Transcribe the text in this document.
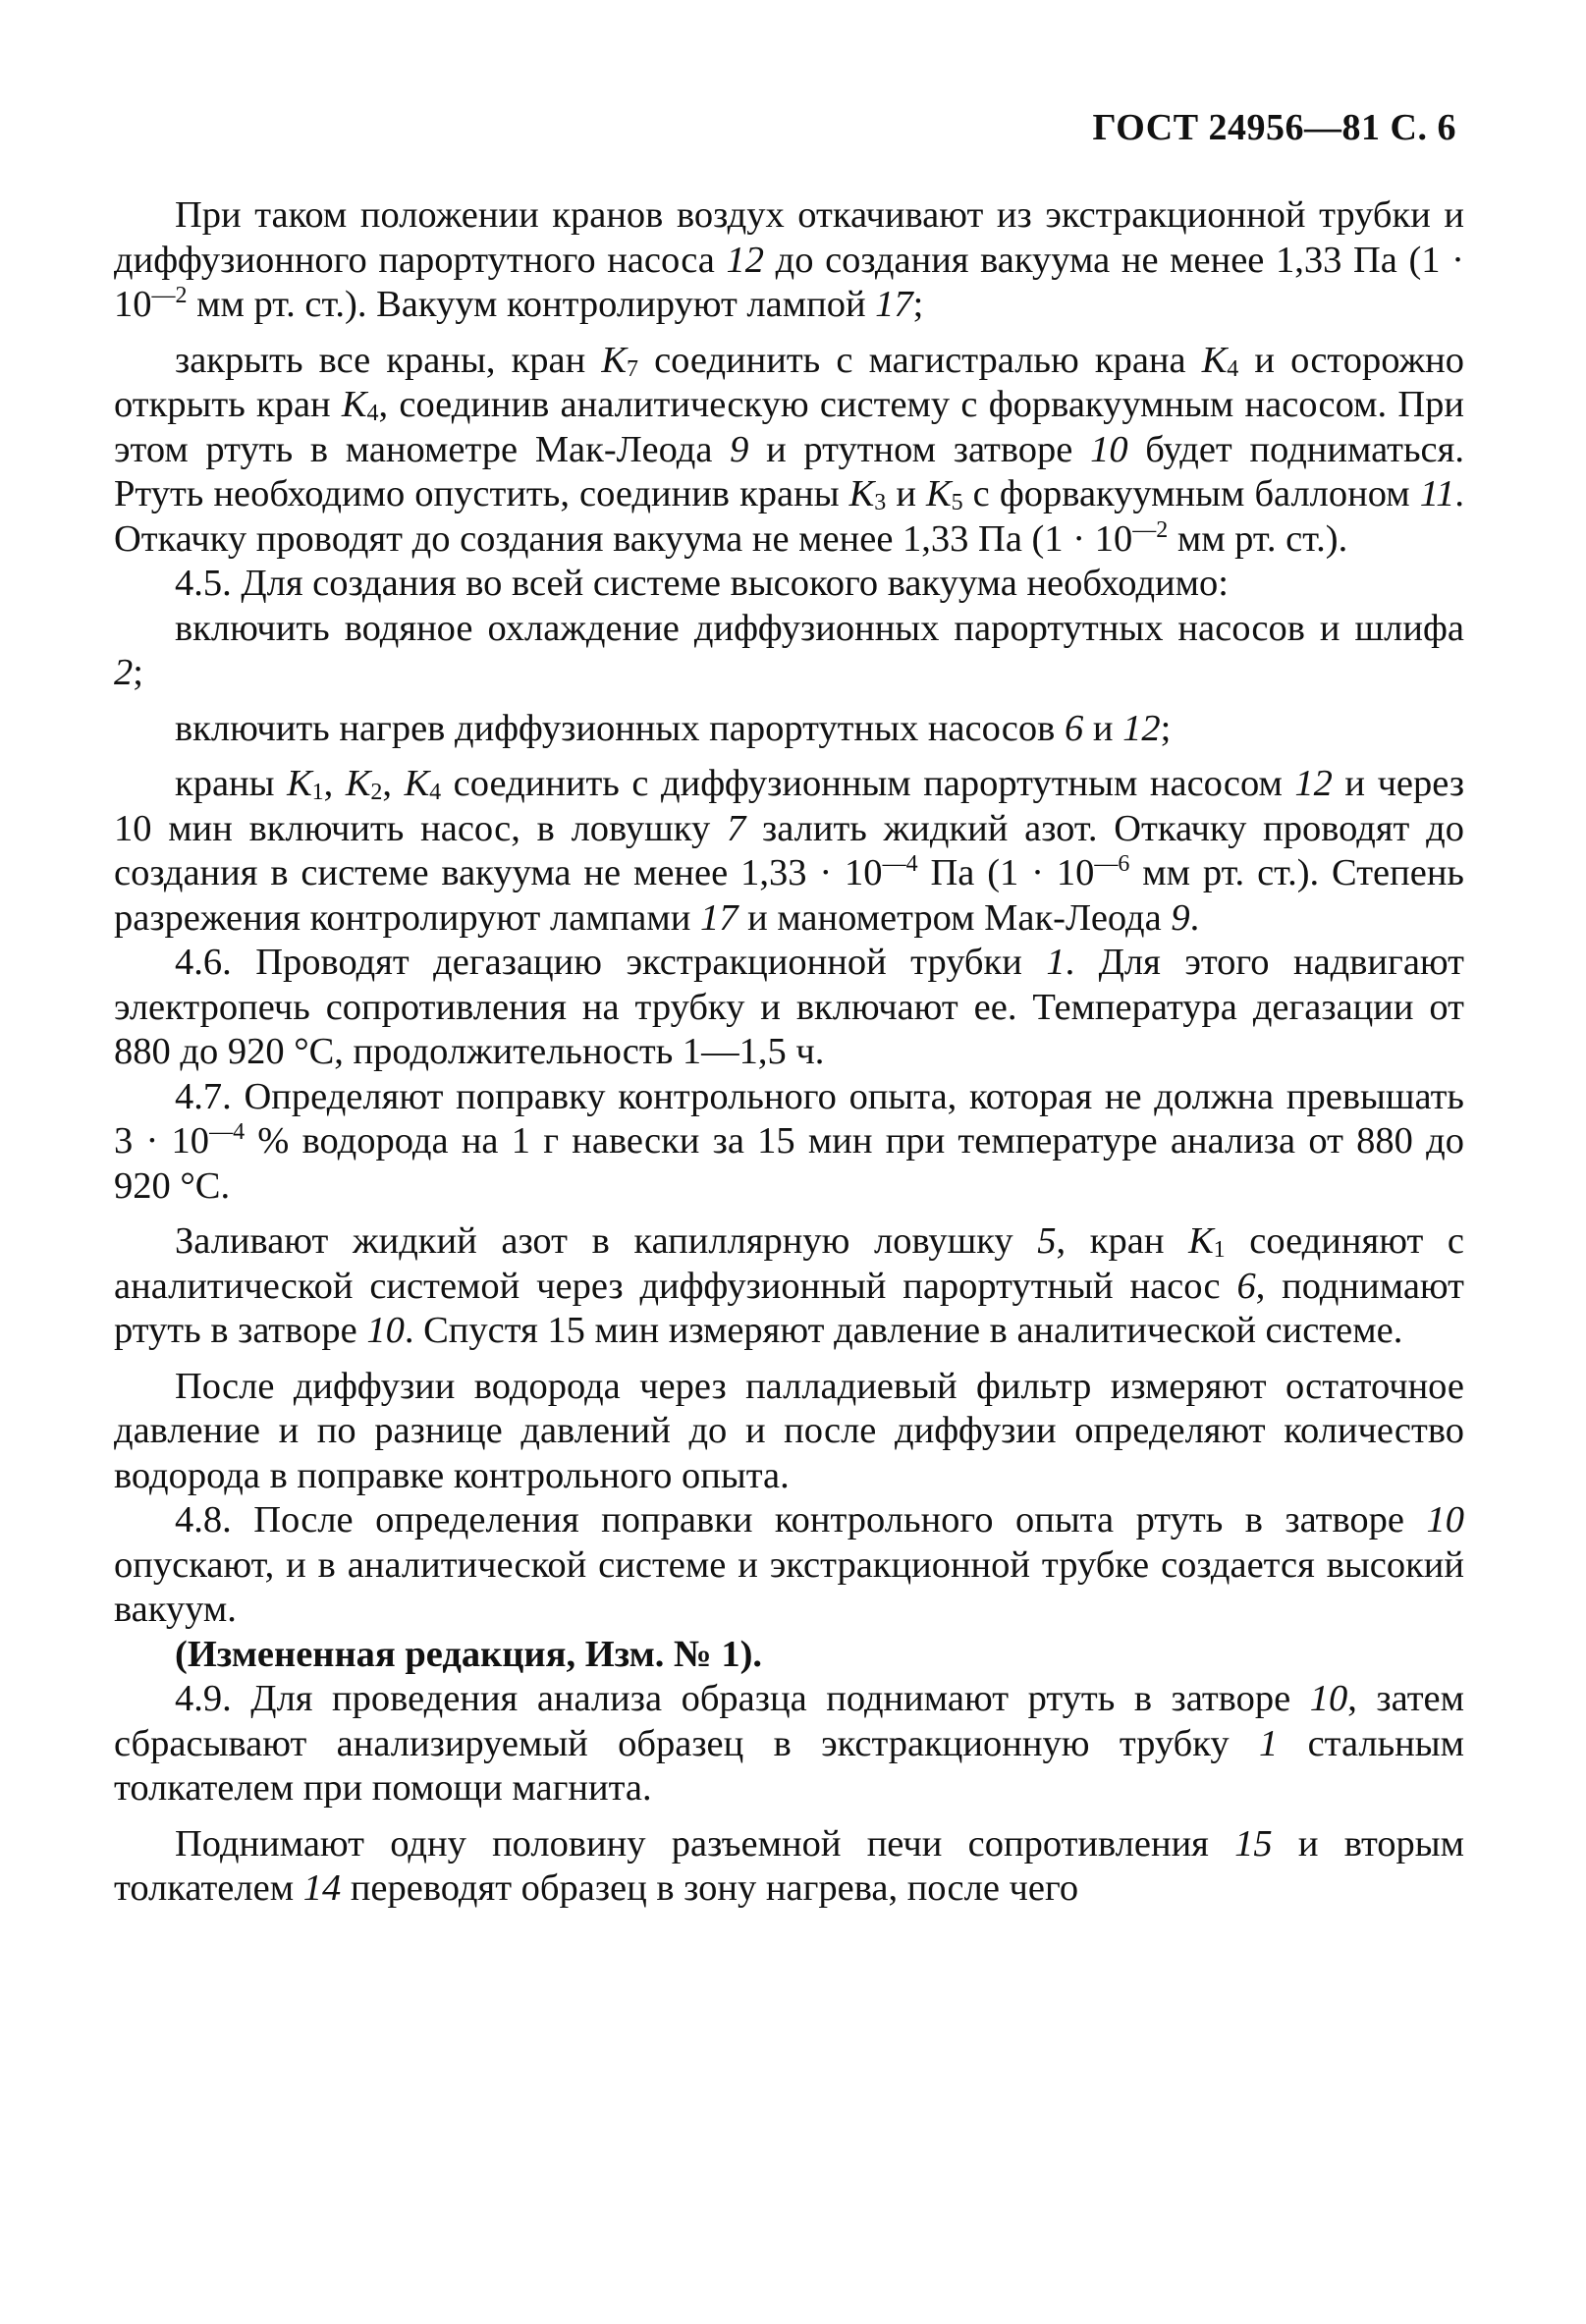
ГОСТ 24956—81 С. 6

При таком положении кранов воздух откачивают из экстракционной трубки и диффузионного парортутного насоса 12 до создания вакуума не менее 1,33 Па ($1 \cdot 10^{—2}$ мм рт. ст.). Вакуум контролируют лампой 17;

закрыть все краны, кран $К_7$ соединить с магистралью крана $К_4$ и осторожно открыть кран $К_4$, соединив аналитическую систему с форвакуумным насосом. При этом ртуть в манометре Мак-Леода 9 и ртутном затворе 10 будет подниматься. Ртуть необходимо опустить, соединив краны $К_3$ и $К_5$ с форвакуумным баллоном 11. Откачку проводят до создания вакуума не менее 1,33 Па ($1 \cdot 10^{—2}$ мм рт. ст.).

4.5. Для создания во всей системе высокого вакуума необходимо:

включить водяное охлаждение диффузионных парортутных насосов и шлифа 2;

включить нагрев диффузионных парортутных насосов 6 и 12;

краны $К_1$, $К_2$, $К_4$ соединить с диффузионным парортутным насосом 12 и через 10 мин включить насос, в ловушку 7 залить жидкий азот. Откачку проводят до создания в системе вакуума не менее $1,33 \cdot 10^{—4}$ Па ($1 \cdot 10^{—6}$ мм рт. ст.). Степень разрежения контролируют лампами 17 и манометром Мак-Леода 9.

4.6. Проводят дегазацию экстракционной трубки 1. Для этого надвигают электропечь сопротивления на трубку и включают ее. Температура дегазации от 880 до 920 °С, продолжительность 1—1,5 ч.

4.7. Определяют поправку контрольного опыта, которая не должна превышать $3 \cdot 10^{—4}$ % водорода на 1 г навески за 15 мин при температуре анализа от 880 до 920 °С.

Заливают жидкий азот в капиллярную ловушку 5, кран $К_1$ соединяют с аналитической системой через диффузионный парортутный насос 6, поднимают ртуть в затворе 10. Спустя 15 мин измеряют давление в аналитической системе.

После диффузии водорода через палладиевый фильтр измеряют остаточное давление и по разнице давлений до и после диффузии определяют количество водорода в поправке контрольного опыта.

4.8. После определения поправки контрольного опыта ртуть в затворе 10 опускают, и в аналитической системе и экстракционной трубке создается высокий вакуум.

(Измененная редакция, Изм. № 1).

4.9. Для проведения анализа образца поднимают ртуть в затворе 10, затем сбрасывают анализируемый образец в экстракционную трубку 1 стальным толкателем при помощи магнита.

Поднимают одну половину разъемной печи сопротивления 15 и вторым толкателем 14 переводят образец в зону нагрева, после чего
